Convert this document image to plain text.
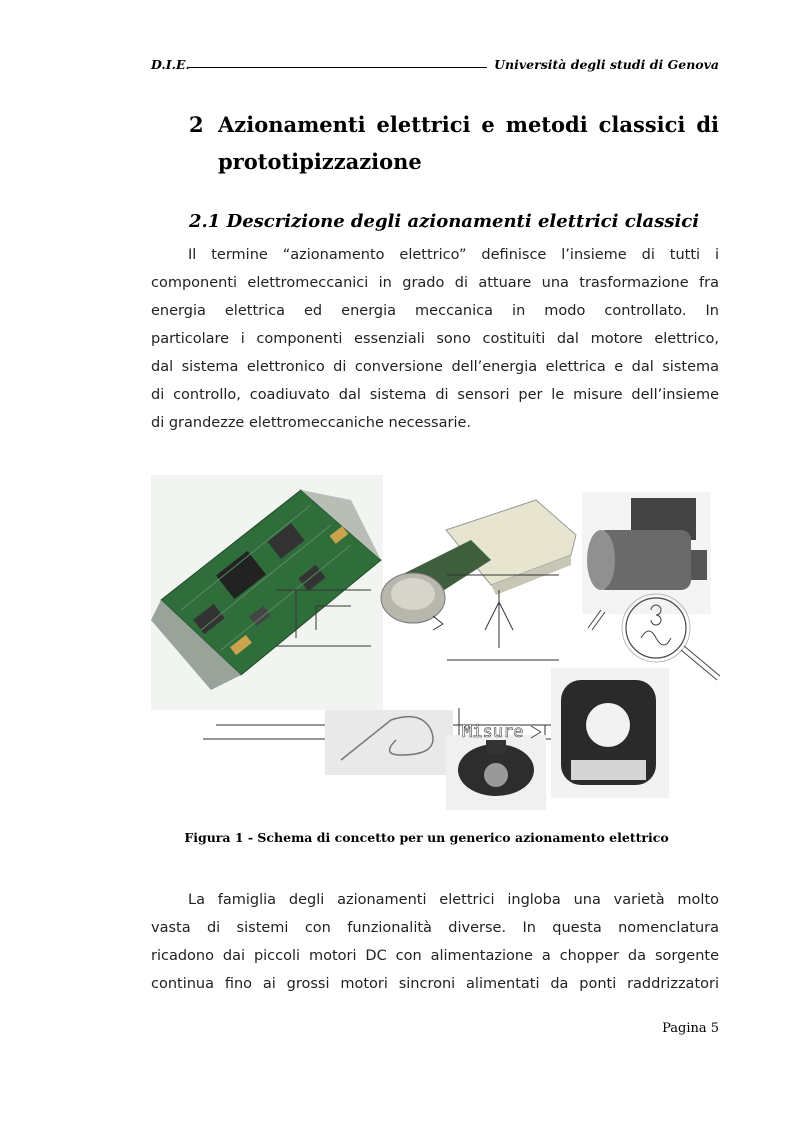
D.I.E.	Università degli studi di Genova
2 Azionamenti elettrici e metodi classici di
prototipizzazione
2.1 Descrizione degli azionamenti elettrici classici
Il termine “azionamento elettrico” definisce l’insieme di tutti i
componenti elettromeccanici in grado di attuare una trasformazione fra
energia elettrica ed energia meccanica in modo controllato. In
particolare i componenti essenziali sono costituiti dal motore elettrico,
dal sistema elettronico di conversione dell’energia elettrica e dal sistema
di controllo, coadiuvato dal sistema di sensori per le misure dell’insieme
di grandezze elettromeccaniche necessarie.
Misure
Figura 1 - Schema di concetto per un generico azionamento elettrico
La famiglia degli azionamenti elettrici ingloba una varietà molto
vasta di sistemi con funzionalità diverse. In questa nomenclatura
ricadono dai piccoli motori DC con alimentazione a chopper da sorgente
continua fino ai grossi motori sincroni alimentati da ponti raddrizzatori
Pagina 5
